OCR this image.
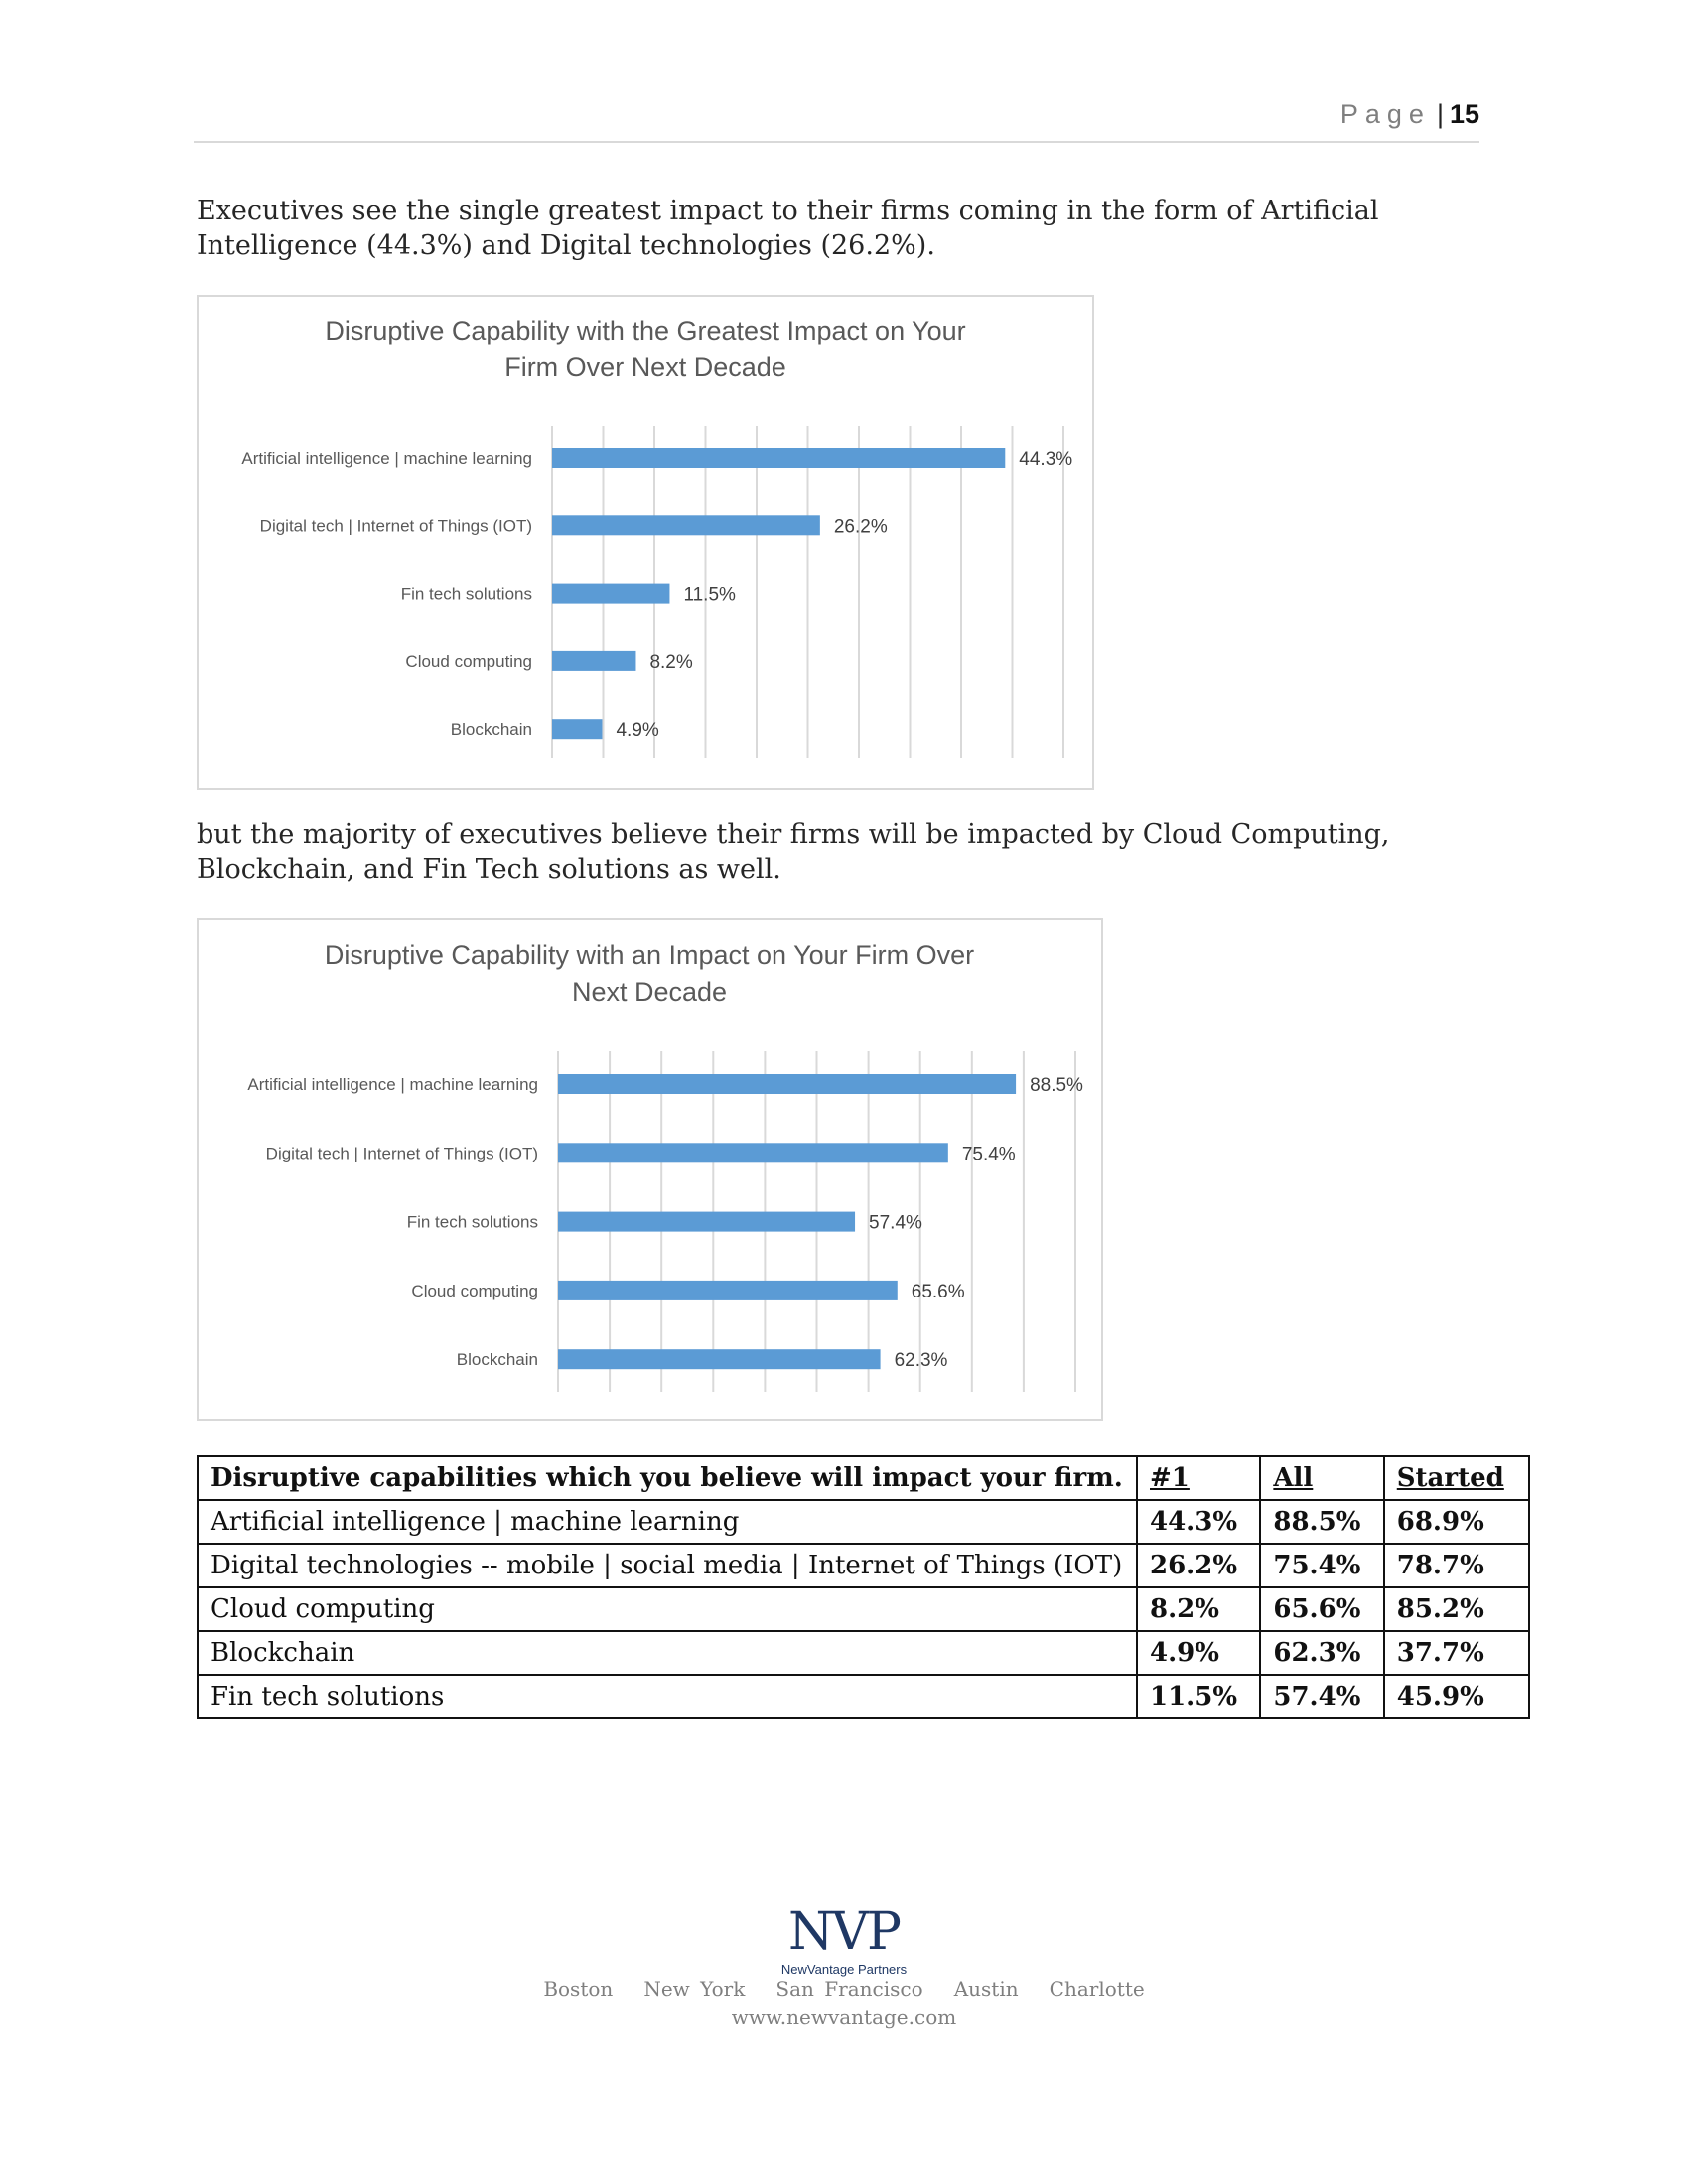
Page | 15

Executives see the single greatest impact to their firms coming in the form of Artificial Intelligence (44.3%) and Digital technologies (26.2%).

Disruptive Capability with the Greatest Impact on Your
Firm Over Next Decade
Artificial intelligence | machine learning	44.3%
Digital tech | Internet of Things (IOT)	26.2%
Fin tech solutions	11.5%
Cloud computing	8.2%
Blockchain	4.9%

but the majority of executives believe their firms will be impacted by Cloud Computing, Blockchain, and Fin Tech solutions as well.

Disruptive Capability with an Impact on Your Firm Over
Next Decade
Artificial intelligence | machine learning	88.5%
Digital tech | Internet of Things (IOT)	75.4%
Fin tech solutions	57.4%
Cloud computing	65.6%
Blockchain	62.3%
Disruptive capabilities which you believe will impact your firm.	#1	All	Started
Artificial intelligence | machine learning	44.3%	88.5%	68.9%
Digital technologies -- mobile | social media | Internet of Things (IOT)	26.2%	75.4%	78.7%
Cloud computing	8.2%	65.6%	85.2%
Blockchain	4.9%	62.3%	37.7%
Fin tech solutions	11.5%	57.4%	45.9%
NVP
NewVantage Partners
Boston   New York   San Francisco   Austin   Charlotte
www.newvantage.com
